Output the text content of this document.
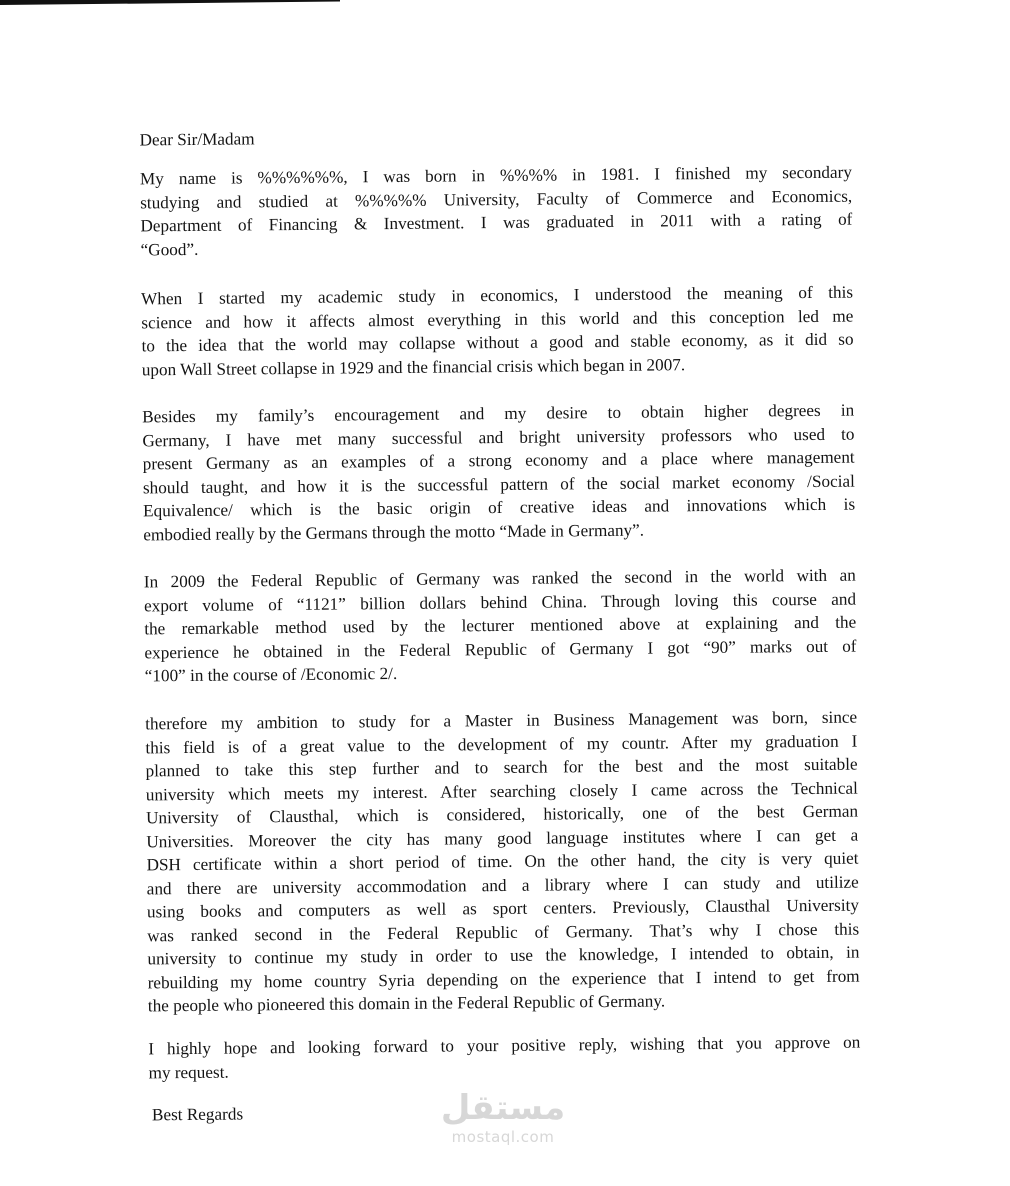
Dear Sir/Madam
My name is %%%%%%, I was born in %%%% in 1981. I finished my secondary
studying and studied at %%%%% University, Faculty of Commerce and Economics,
Department of Financing & Investment. I was graduated in 2011 with a rating of
“Good”.
When I started my academic study in economics, I understood the meaning of this
science and how it affects almost everything in this world and this conception led me
to the idea that the world may collapse without a good and stable economy, as it did so
upon Wall Street collapse in 1929 and the financial crisis which began in 2007.
Besides my family’s encouragement and my desire to obtain higher degrees in
Germany, I have met many successful and bright university professors who used to
present Germany as an examples of a strong economy and a place where management
should taught, and how it is the successful pattern of the social market economy /Social
Equivalence/ which is the basic origin of creative ideas and innovations which is
embodied really by the Germans through the motto “Made in Germany”.
In 2009 the Federal Republic of Germany was ranked the second in the world with an
export volume of “1121” billion dollars behind China. Through loving this course and
the remarkable method used by the lecturer mentioned above at explaining and the
experience he obtained in the Federal Republic of Germany I got “90” marks out of
“100” in the course of /Economic 2/.
therefore my ambition to study for a Master in Business Management was born, since
this field is of a great value to the development of my countr. After my graduation I
planned to take this step further and to search for the best and the most suitable
university which meets my interest. After searching closely I came across the Technical
University of Clausthal, which is considered, historically, one of the best German
Universities. Moreover the city has many good language institutes where I can get a
DSH certificate within a short period of time. On the other hand, the city is very quiet
and there are university accommodation and a library where I can study and utilize
using books and computers as well as sport centers. Previously, Clausthal University
was ranked second in the Federal Republic of Germany. That’s why I chose this
university to continue my study in order to use the knowledge, I intended to obtain, in
rebuilding my home country Syria depending on the experience that I intend to get from
the people who pioneered this domain in the Federal Republic of Germany.
I highly hope and looking forward to your positive reply, wishing that you approve on
my request.
Best Regards	مستقل
mostaql.com
